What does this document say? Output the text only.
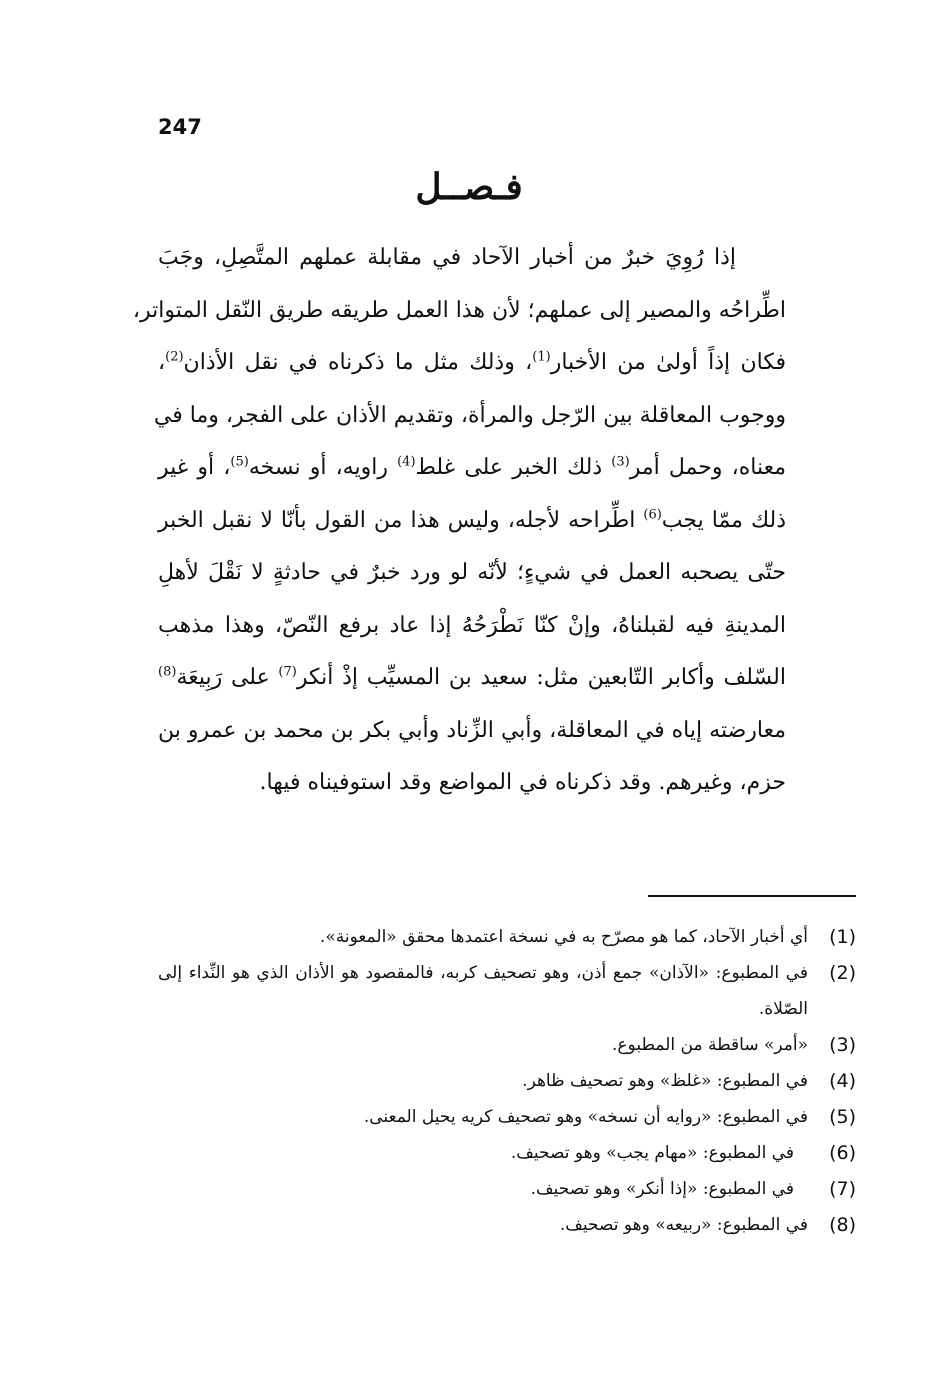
247
فـصــل
إذا رُوِيَ خبرٌ من أخبار الآحاد في مقابلة عملهم المتَّصِلِ، وجَبَ
اطِّراحُه والمصير إلى عملهم؛ لأن هذا العمل طريقه طريق النّقل المتواتر،
فكان إذاً أولىٰ من الأخبار$^{(1)}$، وذلك مثل ما ذكرناه في نقل الأذان$^{(2)}$،
ووجوب المعاقلة بين الرّجل والمرأة، وتقديم الأذان على الفجر، وما في
معناه، وحمل أمر$^{(3)}$ ذلك الخبر على غلط$^{(4)}$ راويه، أو نسخه$^{(5)}$، أو غير
ذلك ممّا يجب$^{(6)}$ اطِّراحه لأجله، وليس هذا من القول بأنّا لا نقبل الخبر
حتّى يصحبه العمل في شيءٍ؛ لأنّه لو ورد خبرٌ في حادثةٍ لا نَقْلَ لأهلِ
المدينةِ فيه لقبلناهُ، وإنْ كنّا نَطْرَحُهُ إذا عاد برفع النّصّ، وهذا مذهب
السّلف وأكابر التّابعين مثل: سعيد بن المسيِّب إذْ أنكر$^{(7)}$ على رَبِيعَة$^{(8)}$
معارضته إياه في المعاقلة، وأبي الزِّناد وأبي بكر بن محمد بن عمرو بن
حزم، وغيرهم. وقد ذكرناه في المواضع وقد استوفيناه فيها.
(1)
أي أخبار الآحاد، كما هو مصرّح به في نسخة اعتمدها محقق «المعونة».
(2)
في المطبوع: «الآذان» جمع أذن، وهو تصحيف كربه، فالمقصود هو الأذان الذي هو النِّداء إلى الصّلاة.
(3)
«أمر» ساقطة من المطبوع.
(4)
في المطبوع: «غلظ» وهو تصحيف ظاهر.
(5)
في المطبوع: «روايه أن نسخه» وهو تصحيف كريه يحيل المعنى.
(6)
في المطبوع: «مهام يجب» وهو تصحيف.
(7)
في المطبوع: «إذا أنكر» وهو تصحيف.
(8)
في المطبوع: «ربيعه» وهو تصحيف.
